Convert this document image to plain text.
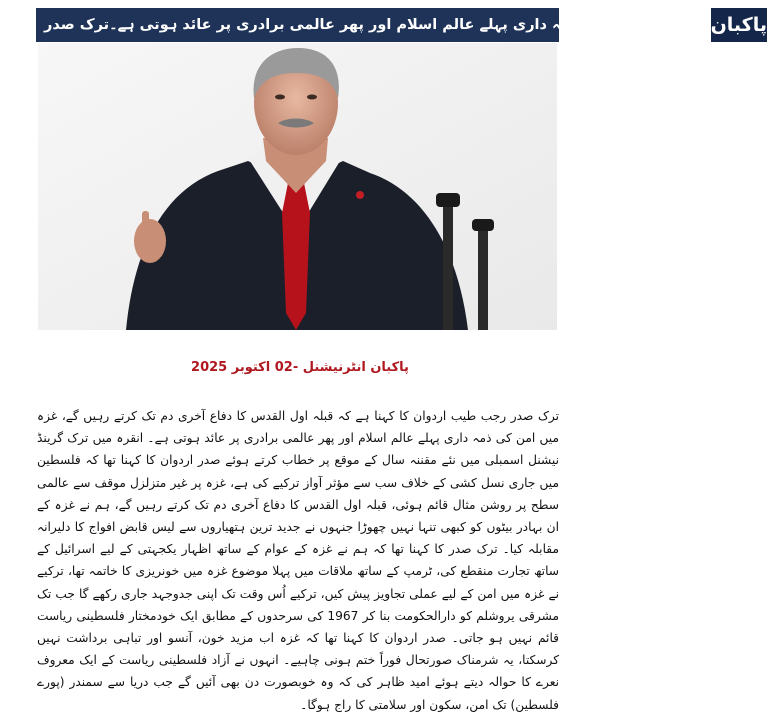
غزہ میں امن کی ذمہ داری پہلے عالم اسلام اور پھر عالمی برادری پر عائد ہوتی ہے۔ترک صدر پاکبان
پاکبان انٹرنیشنل -02 اکتوبر 2025
ترک صدر رجب طیب اردوان کا کہنا ہے کہ قبلہ اول القدس کا دفاع آخری دم تک کرتے رہیں گے، غزہ میں امن کی ذمہ داری پہلے عالم اسلام اور پھر عالمی برادری پر عائد ہوتی ہے۔ انقرہ میں ترک گرینڈ نیشنل اسمبلی میں نئے مقننہ سال کے موقع پر خطاب کرتے ہوئے صدر اردوان کا کہنا تھا کہ فلسطین میں جاری نسل کشی کے خلاف سب سے مؤثر آواز ترکیے کی ہے، غزہ پر غیر متزلزل موقف سے عالمی سطح پر روشن مثال قائم ہوئی، قبلہ اول القدس کا دفاع آخری دم تک کرتے رہیں گے، ہم نے غزہ کے ان بہادر بیٹوں کو کبھی تنہا نہیں چھوڑا جنہوں نے جدید ترین ہتھیاروں سے لیس قابض افواج کا دلیرانہ مقابلہ کیا۔ ترک صدر کا کہنا تھا کہ ہم نے غزہ کے عوام کے ساتھ اظہار یکجہتی کے لیے اسرائیل کے ساتھ تجارت منقطع کی، ٹرمپ کے ساتھ ملاقات میں پہلا موضوع غزہ میں خونریزی کا خاتمہ تھا، ترکیے نے غزہ میں امن کے لیے عملی تجاویز پیش کیں، ترکیے اُس وقت تک اپنی جدوجہد جاری رکھے گا جب تک مشرقی یروشلم کو دارالحکومت بنا کر 1967 کی سرحدوں کے مطابق ایک خودمختار فلسطینی ریاست قائم نہیں ہو جاتی۔ صدر اردوان کا کہنا تھا کہ غزہ اب مزید خون، آنسو اور تباہی برداشت نہیں کرسکتا، یہ شرمناک صورتحال فوراً ختم ہونی چاہیے۔ انہوں نے آزاد فلسطینی ریاست کے ایک معروف نعرے کا حوالہ دیتے ہوئے امید ظاہر کی کہ وہ خوبصورت دن بھی آئیں گے جب دریا سے سمندر (پورے فلسطین) تک امن، سکون اور سلامتی کا راج ہوگا۔
